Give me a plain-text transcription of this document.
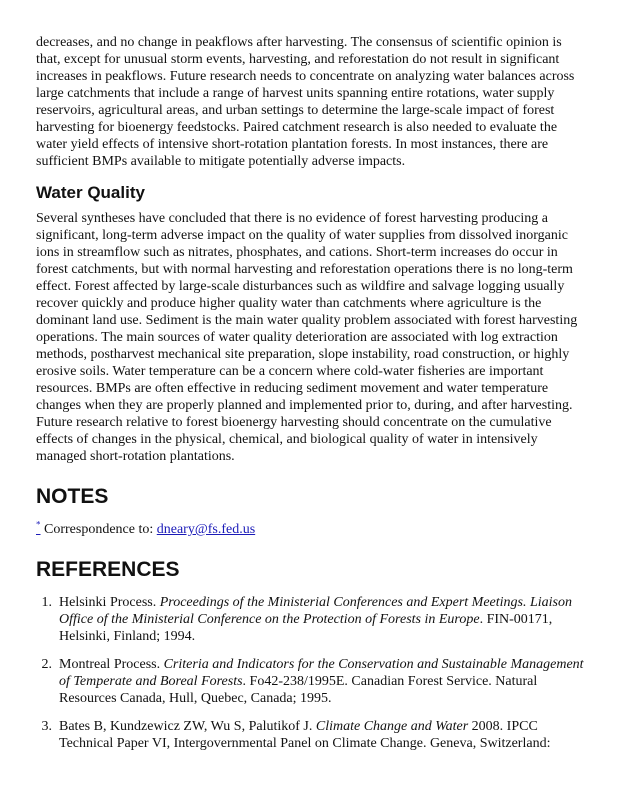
decreases, and no change in peakflows after harvesting. The consensus of scientific opinion is that, except for unusual storm events, harvesting, and reforestation do not result in significant increases in peakflows. Future research needs to concentrate on analyzing water balances across large catchments that include a range of harvest units spanning entire rotations, water supply reservoirs, agricultural areas, and urban settings to determine the large-scale impact of forest harvesting for bioenergy feedstocks. Paired catchment research is also needed to evaluate the water yield effects of intensive short-rotation plantation forests. In most instances, there are sufficient BMPs available to mitigate potentially adverse impacts.

Water Quality

Several syntheses have concluded that there is no evidence of forest harvesting producing a significant, long-term adverse impact on the quality of water supplies from dissolved inorganic ions in streamflow such as nitrates, phosphates, and cations. Short-term increases do occur in forest catchments, but with normal harvesting and reforestation operations there is no long-term effect. Forest affected by large-scale disturbances such as wildfire and salvage logging usually recover quickly and produce higher quality water than catchments where agriculture is the dominant land use. Sediment is the main water quality problem associated with forest harvesting operations. The main sources of water quality deterioration are associated with log extraction methods, postharvest mechanical site preparation, slope instability, road construction, or highly erosive soils. Water temperature can be a concern where cold-water fisheries are important resources. BMPs are often effective in reducing sediment movement and water temperature changes when they are properly planned and implemented prior to, during, and after harvesting. Future research relative to forest bioenergy harvesting should concentrate on the cumulative effects of changes in the physical, chemical, and biological quality of water in intensively managed short-rotation plantations.

NOTES

* Correspondence to: dneary@fs.fed.us

REFERENCES
1. Helsinki Process. Proceedings of the Ministerial Conferences and Expert Meetings. Liaison Office of the Ministerial Conference on the Protection of Forests in Europe. FIN-00171, Helsinki, Finland; 1994.
2. Montreal Process. Criteria and Indicators for the Conservation and Sustainable Management of Temperate and Boreal Forests. Fo42-238/1995E. Canadian Forest Service. Natural Resources Canada, Hull, Quebec, Canada; 1995.
3. Bates B, Kundzewicz ZW, Wu S, Palutikof J. Climate Change and Water 2008. IPCC Technical Paper VI, Intergovernmental Panel on Climate Change. Geneva, Switzerland:
